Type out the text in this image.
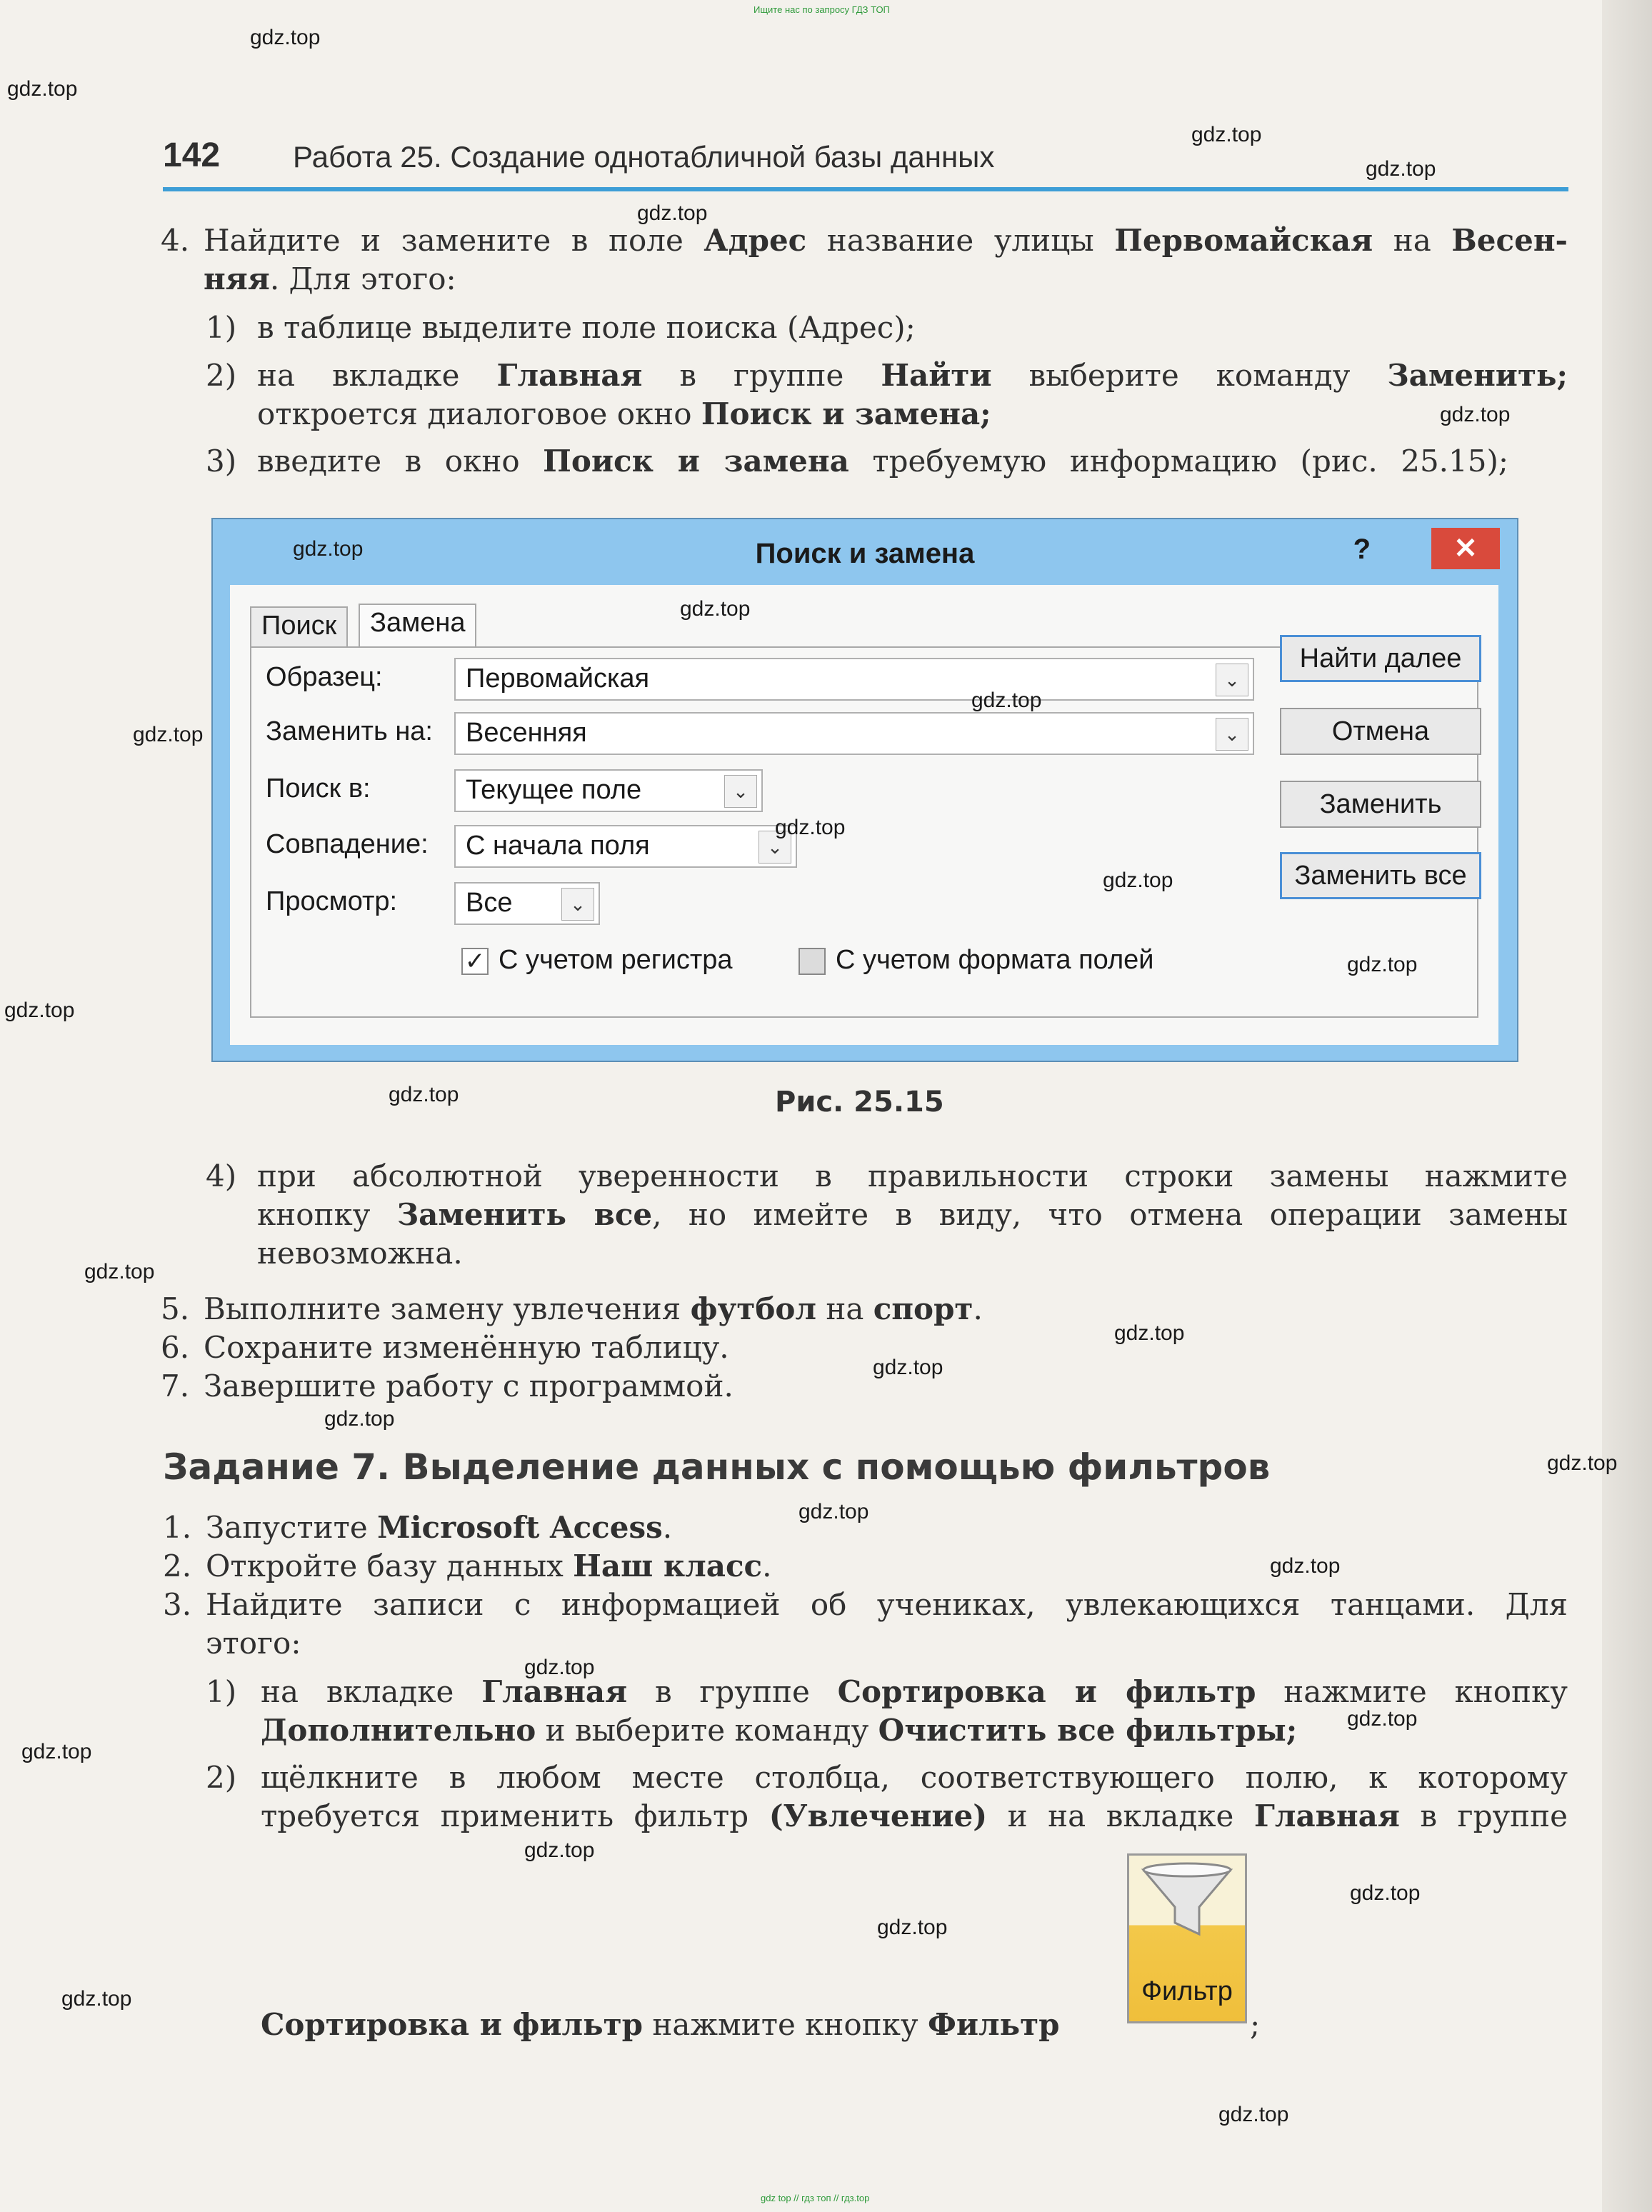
Ищите нас по запросу ГДЗ ТОП
gdz top // гдз топ // гдз.top
142 Работа 25. Создание однотабличной базы данных
4. Найдите и замените в поле Адрес название улицы Первомайская на Весен-
няя. Для этого:
1) в таблице выделите поле поиска (Адрес);
2) на вкладке Главная в группе Найти выберите команду Заменить;
откроется диалоговое окно Поиск и замена;
3) введите в окно Поиск и замена требуемую информацию (рис. 25.15);
Поиск и замена	?	✕
Поиск	Замена
Образец:	Первомайская	⌄
Заменить на:	Весенняя	⌄
Поиск в:	Текущее поле	⌄
Совпадение:	С начала поля	⌄
Просмотр:	Все	⌄
✓ С учетом регистра	С учетом формата полей
Найти далее
Отмена
Заменить
Заменить все
Рис. 25.15
4) при абсолютной уверенности в правильности строки замены нажмите
кнопку Заменить все, но имейте в виду, что отмена операции замены
невозможна.
5. Выполните замену увлечения футбол на спорт.
6. Сохраните изменённую таблицу.
7. Завершите работу с программой.
Задание 7. Выделение данных с помощью фильтров
1. Запустите Microsoft Access.
2. Откройте базу данных Наш класс.
3. Найдите записи с информацией об учениках, увлекающихся танцами. Для
этого:
1) на вкладке Главная в группе Сортировка и фильтр нажмите кнопку
Дополнительно и выберите команду Очистить все фильтры;
2) щёлкните в любом месте столбца, соответствующего полю, к которому
требуется применить фильтр (Увлечение) и на вкладке Главная в группе
Сортировка и фильтр нажмите кнопку Фильтр	;
Фильтр
gdz.top
gdz.top
gdz.top
gdz.top
gdz.top
gdz.top
gdz.top
gdz.top
gdz.top
gdz.top
gdz.top
gdz.top
gdz.top
gdz.top
gdz.top
gdz.top
gdz.top
gdz.top
gdz.top
gdz.top
gdz.top
gdz.top
gdz.top
gdz.top
gdz.top
gdz.top
gdz.top
gdz.top
gdz.top
gdz.top
